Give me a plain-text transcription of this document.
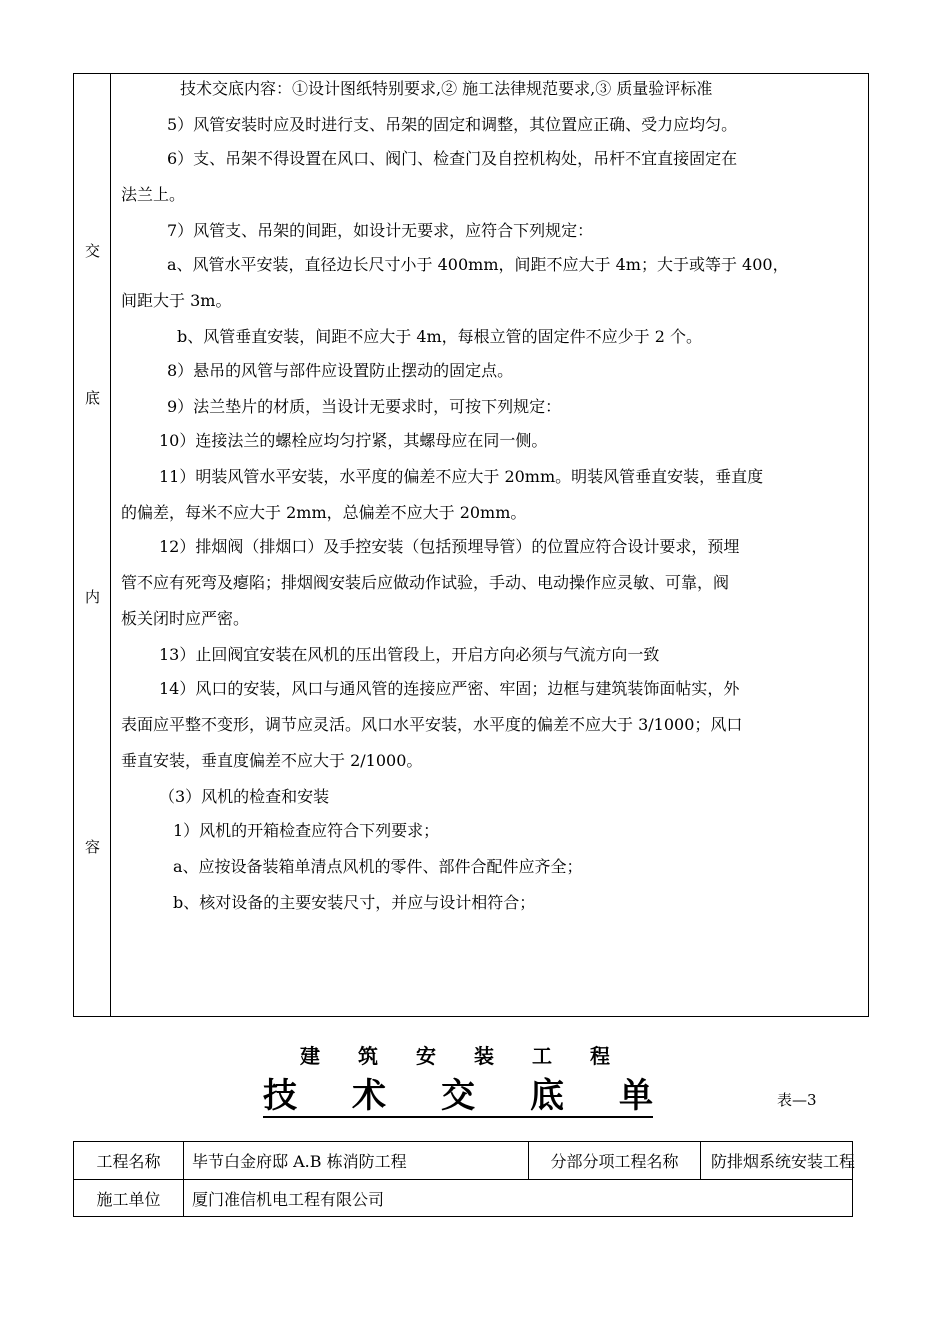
交
底
内
容
技术交底内容：①设计图纸特别要求,② 施工法律规范要求,③ 质量验评标准
5）风管安装时应及时进行支、吊架的固定和调整，其位置应正确、受力应均匀。
6）支、吊架不得设置在风口、阀门、检查门及自控机构处，吊杆不宜直接固定在
法兰上。
7）风管支、吊架的间距，如设计无要求，应符合下列规定：
a、风管水平安装，直径边长尺寸小于 400mm，间距不应大于 4m；大于或等于 400，
间距大于 3m。
b、风管垂直安装，间距不应大于 4m，每根立管的固定件不应少于 2 个。
8）悬吊的风管与部件应设置防止摆动的固定点。
9）法兰垫片的材质，当设计无要求时，可按下列规定：
10）连接法兰的螺栓应均匀拧紧，其螺母应在同一侧。
11）明装风管水平安装，水平度的偏差不应大于 20mm。明装风管垂直安装，垂直度
的偏差，每米不应大于 2mm，总偏差不应大于 20mm。
12）排烟阀（排烟口）及手控安装（包括预埋导管）的位置应符合设计要求，预埋
管不应有死弯及瘪陷；排烟阀安装后应做动作试验，手动、电动操作应灵敏、可靠，阀
板关闭时应严密。
13）止回阀宜安装在风机的压出管段上，开启方向必须与气流方向一致
14）风口的安装，风口与通风管的连接应严密、牢固；边框与建筑装饰面帖实，外
表面应平整不变形，调节应灵活。风口水平安装，水平度的偏差不应大于 3/1000；风口
垂直安装，垂直度偏差不应大于 2/1000。
（3）风机的检查和安装
1）风机的开箱检查应符合下列要求；
a、应按设备装箱单清点风机的零件、部件合配件应齐全；
b、核对设备的主要安装尺寸，并应与设计相符合；
建 筑 安 装 工 程
技 术 交 底 单	表—3
工程名称	毕节白金府邸 A.B 栋消防工程	分部分项工程名称	防排烟系统安装工程
施工单位	厦门准信机电工程有限公司
